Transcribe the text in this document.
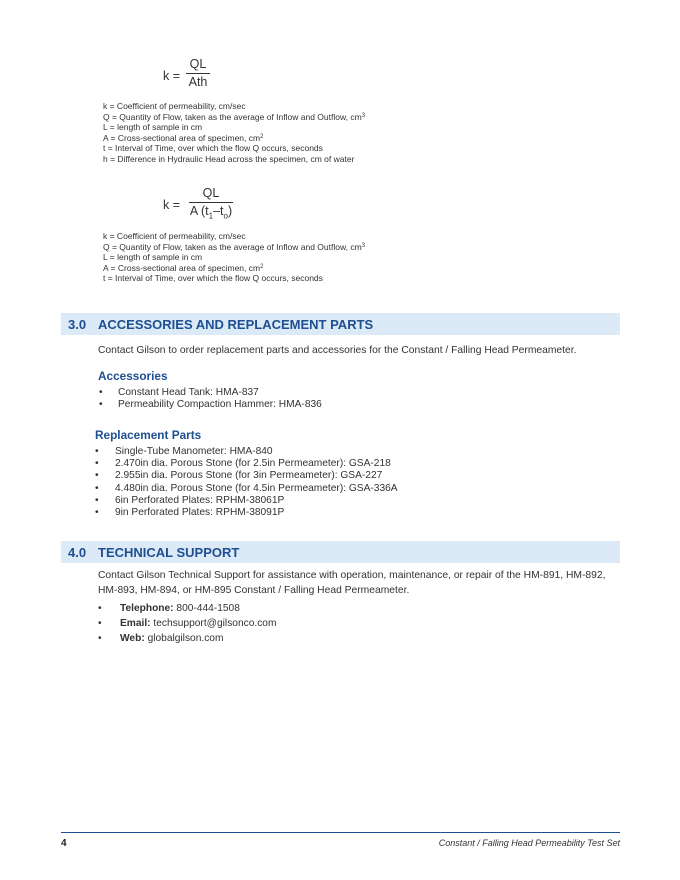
k =
QL
Ath
k = Coefficient of permeability, cm/sec
Q = Quantity of Flow, taken as the average of Inflow and Outflow, $cm^3$
L = length of sample in cm
A = Cross-sectional area of specimen, $cm^2$
t = Interval of Time, over which the flow Q occurs, seconds
h = Difference in Hydraulic Head across the specimen, cm of water
k =
QL
A $(t_1-t_o)$
k = Coefficient of permeability, cm/sec
Q = Quantity of Flow, taken as the average of Inflow and Outflow, $cm^3$
L = length of sample in cm
A = Cross-sectional area of specimen, $cm^2$
t = Interval of Time, over which the flow Q occurs, seconds
3.0 ACCESSORIES AND REPLACEMENT PARTS
Contact Gilson to order replacement parts and accessories for the Constant / Falling Head Permeameter.
Accessories
• Constant Head Tank: HMA-837
• Permeability Compaction Hammer: HMA-836
Replacement Parts
• Single-Tube Manometer: HMA-840
• 2.470in dia. Porous Stone (for 2.5in Permeameter): GSA-218
• 2.955in dia. Porous Stone (for 3in Permeameter): GSA-227
• 4.480in dia. Porous Stone (for 4.5in Permeameter): GSA-336A
• 6in Perforated Plates: RPHM-38061P
• 9in Perforated Plates: RPHM-38091P
4.0 TECHNICAL SUPPORT
Contact Gilson Technical Support for assistance with operation, maintenance, or repair of the HM-891, HM-892,
HM-893, HM-894, or HM-895 Constant / Falling Head Permeameter.
• Telephone: 800-444-1508
• Email: techsupport@gilsonco.com
• Web: globalgilson.com
4	Constant / Falling Head Permeability Test Set
